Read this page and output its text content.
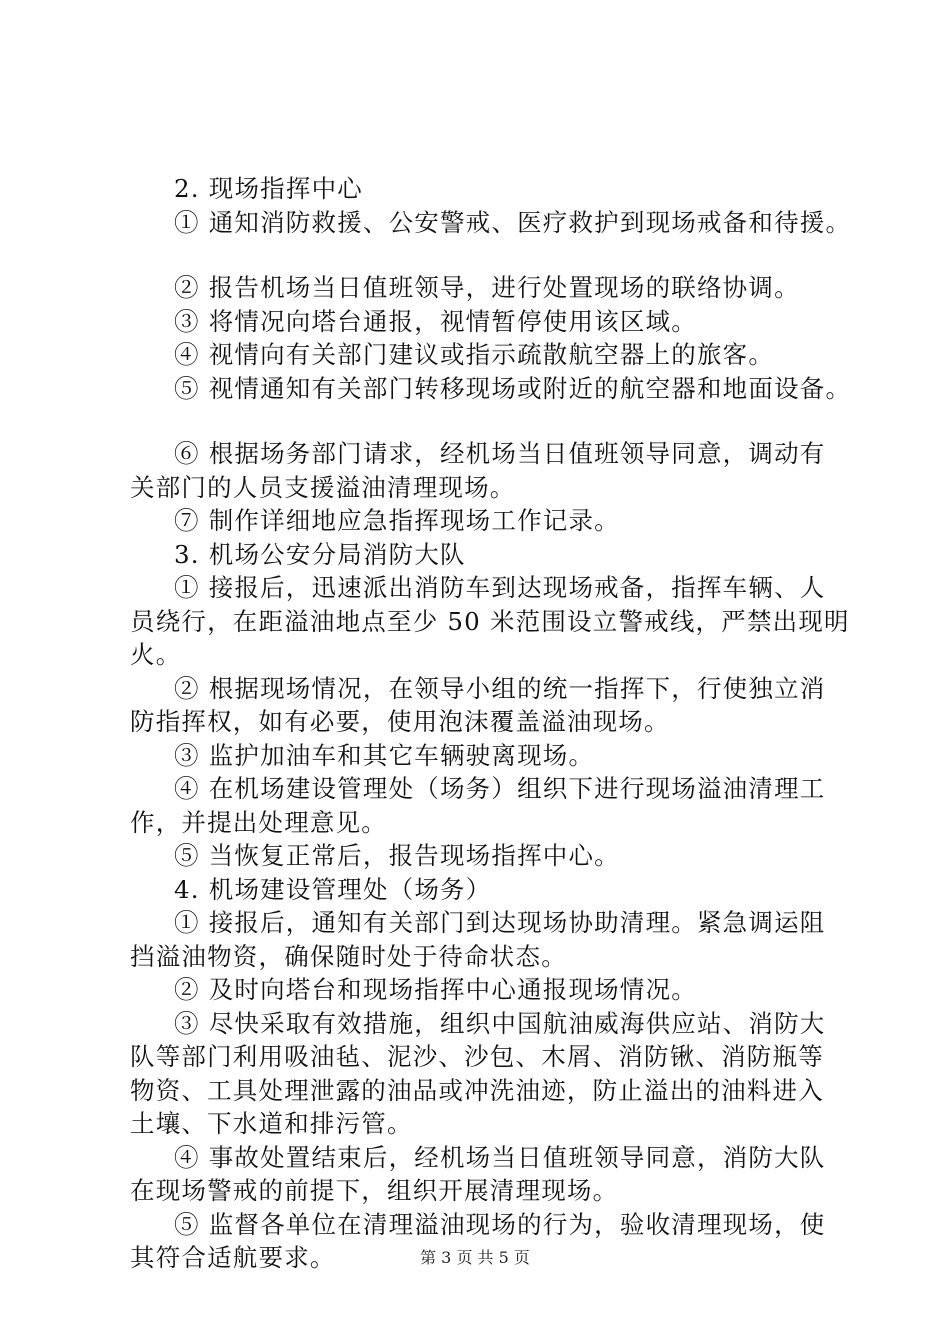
2. 现场指挥中心
① 通知消防救援、公安警戒、医疗救护到现场戒备和待援。
② 报告机场当日值班领导，进行处置现场的联络协调。
③ 将情况向塔台通报，视情暂停使用该区域。
④ 视情向有关部门建议或指示疏散航空器上的旅客。
⑤ 视情通知有关部门转移现场或附近的航空器和地面设备。
⑥ 根据场务部门请求，经机场当日值班领导同意，调动有
关部门的人员支援溢油清理现场。
⑦ 制作详细地应急指挥现场工作记录。
3. 机场公安分局消防大队
① 接报后，迅速派出消防车到达现场戒备，指挥车辆、人
员绕行，在距溢油地点至少 50 米范围设立警戒线，严禁出现明
火。
② 根据现场情况，在领导小组的统一指挥下，行使独立消
防指挥权，如有必要，使用泡沫覆盖溢油现场。
③ 监护加油车和其它车辆驶离现场。
④ 在机场建设管理处（场务）组织下进行现场溢油清理工
作，并提出处理意见。
⑤ 当恢复正常后，报告现场指挥中心。
4. 机场建设管理处（场务）
① 接报后，通知有关部门到达现场协助清理。紧急调运阻
挡溢油物资，确保随时处于待命状态。
② 及时向塔台和现场指挥中心通报现场情况。
③ 尽快采取有效措施，组织中国航油威海供应站、消防大
队等部门利用吸油毡、泥沙、沙包、木屑、消防锹、消防瓶等
物资、工具处理泄露的油品或冲洗油迹，防止溢出的油料进入
土壤、下水道和排污管。
④ 事故处置结束后，经机场当日值班领导同意，消防大队
在现场警戒的前提下，组织开展清理现场。
⑤ 监督各单位在清理溢油现场的行为，验收清理现场，使
其符合适航要求。	第 3 页 共 5 页
